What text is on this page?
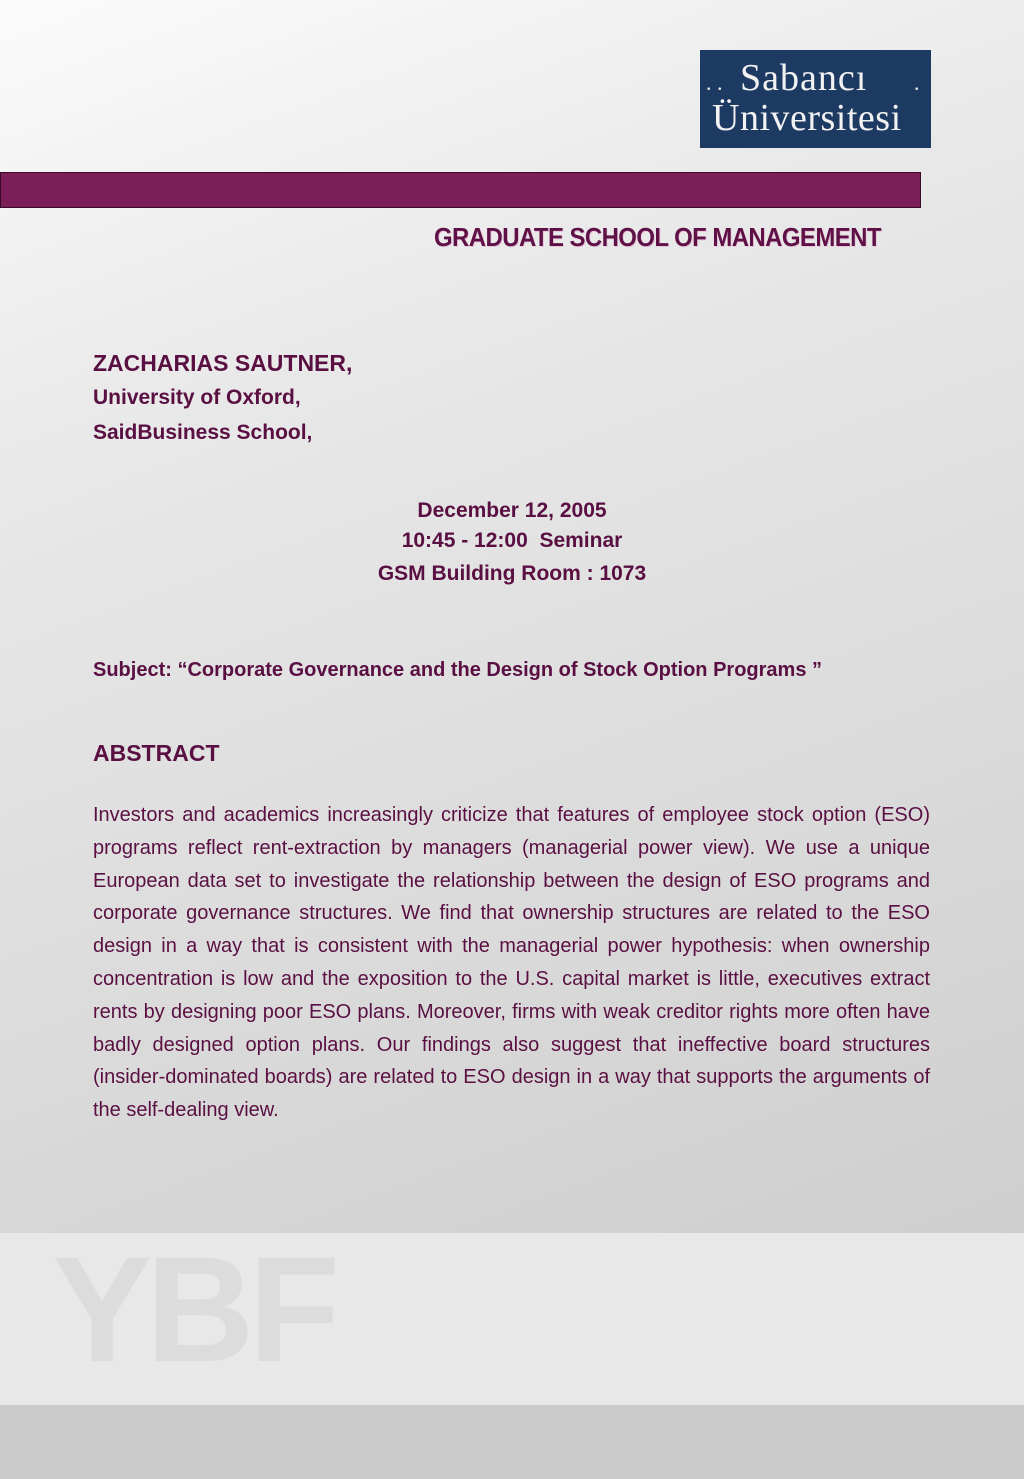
. . Sabancı .
Üniversitesi
GRADUATE SCHOOL OF MANAGEMENT
ZACHARIAS SAUTNER,
University of Oxford,
SaidBusiness School,
December 12, 2005
10:45 - 12:00  Seminar
GSM Building Room : 1073
Subject: “Corporate Governance and the Design of Stock Option Programs ”
ABSTRACT

Investors and academics increasingly criticize that features of employee stock option (ESO) programs reflect rent-extraction by managers (managerial power view). We use a unique European data set to investigate the relationship between the design of ESO programs and corporate governance structures. We find that ownership structures are related to the ESO design in a way that is consistent with the managerial power hypothesis: when ownership concentration is low and the exposition to the U.S. capital market is little, executives extract rents by designing poor ESO plans. Moreover, firms with weak creditor rights more often have badly designed option plans. Our findings also suggest that ineffective board structures (insider-dominated boards) are related to ESO design in a way that supports the arguments of the self-dealing view.

YBF
